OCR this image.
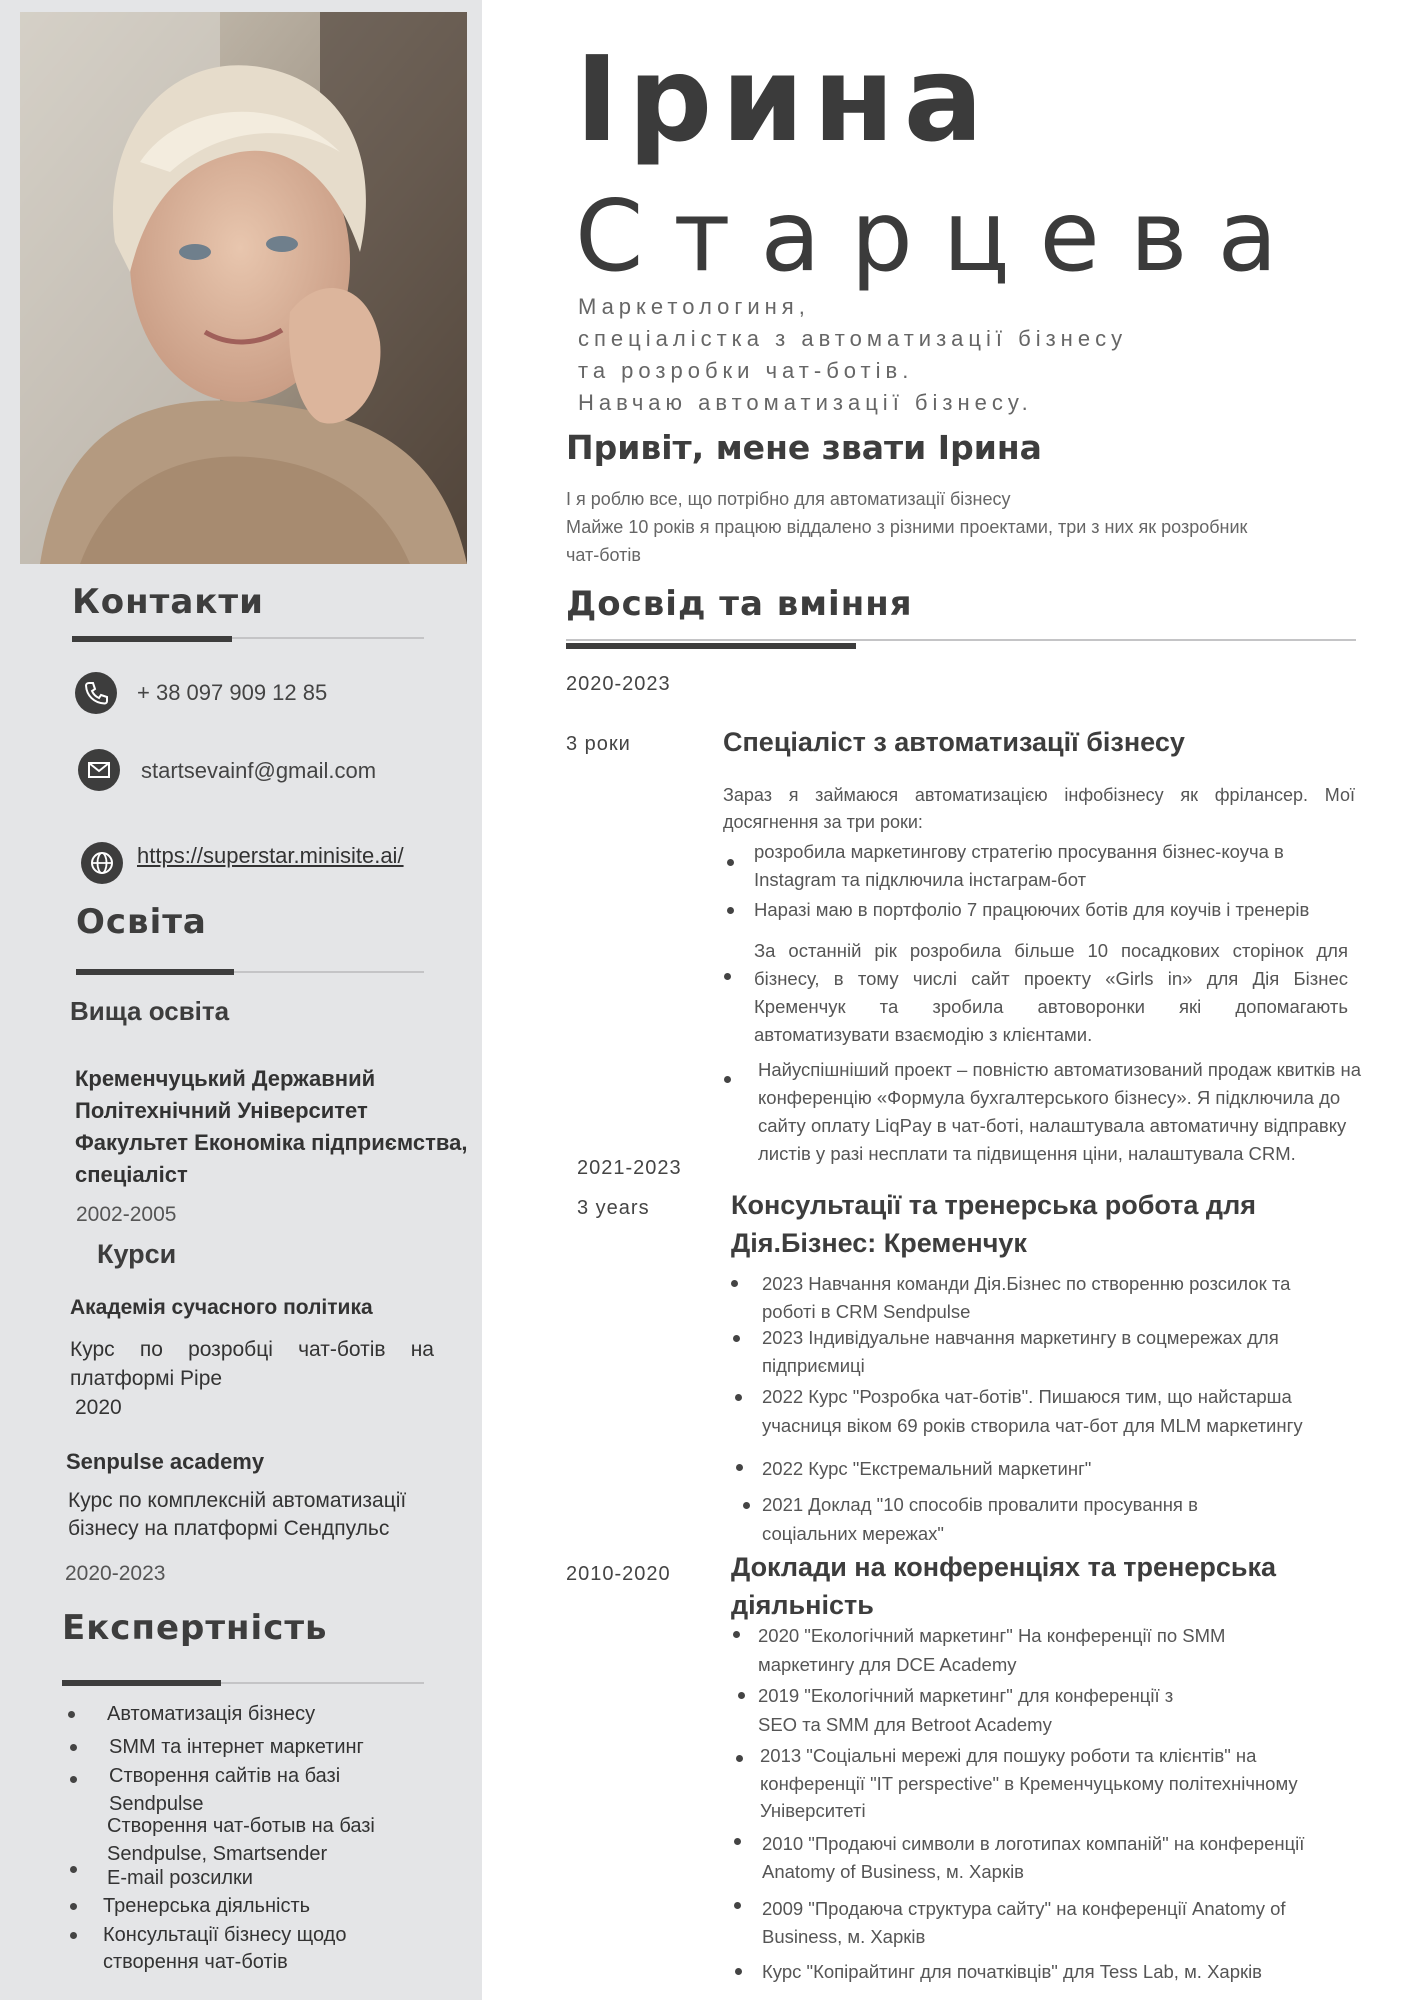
Контакти
+ 38 097 909 12 85
startsevainf@gmail.com
https://superstar.minisite.ai/
Освіта
Вища освіта
Кременчуцький Державний
Політехнічний Університет
Факультет Економіка підприємства,
спеціаліст
2002-2005
Курси
Академія сучасного політика
Курс по розробці чат-ботів на
платформі Pipe
2020
Senpulse academy
Курс по комплексній автоматизації
бізнесу на платформі Сендпульс
2020-2023
Експертність
Автоматизація бізнесу
SMM та інтернет маркетинг
Створення сайтів на базі
Sendpulse
Створення чат-ботыв на базі
Sendpulse, Smartsender
E-mail розсилки
Тренерська діяльність
Консультації бізнесу щодо
створення чат-ботів
Ірина
Старцева
Маркетологиня,
спеціалістка з автоматизації бізнесу
та розробки чат-ботів.
Навчаю автоматизації бізнесу.
Привіт, мене звати Ірина
І я роблю все, що потрібно для автоматизації бізнесу
Майже 10 років я працюю віддалено з різними проектами, три з них як розробник
чат-ботів
Досвід та вміння
2020-2023
3 роки	Спеціаліст з автоматизації бізнесу
Зараз я займаюся автоматизацією інфобізнесу як фрілансер. Мої
досягнення за три роки:
розробила маркетингову стратегію просування бізнес-коуча в
Instagram та підключила інстаграм-бот
Наразі маю в портфоліо 7 працюючих ботів для коучів і тренерів
За останній рік розробила більше 10 посадкових сторінок для
бізнесу, в тому числі сайт проекту «Girls in» для Дія Бізнес
Кременчук та зробила автоворонки які допомагають
автоматизувати взаємодію з клієнтами.
Найуспішніший проект – повністю автоматизований продаж квитків на
конференцію «Формула бухгалтерського бізнесу». Я підключила до
сайту оплату LiqPay в чат-боті, налаштувала автоматичну відправку
листів у разі несплати та підвищення ціни, налаштувала CRM.
2021-2023
3 years	Консультації та тренерська робота для
Дія.Бізнес: Кременчук
2023 Навчання команди Дія.Бізнес по створенню розсилок та
роботі в CRM Sendpulse
2023 Індивідуальне навчання маркетингу в соцмережах для
підприємиці
2022 Курс "Розробка чат-ботів". Пишаюся тим, що найстарша
учасниця віком 69 років створила чат-бот для MLM маркетингу
2022 Курс "Екстремальний маркетинг"
2021 Доклад "10 способів провалити просування в
соціальних мережах"
2010-2020 Доклади на конференціях та тренерська
діяльність
2020 "Екологічний маркетинг" На конференції по SMM
маркетингу для DCE Academy
2019 "Екологічний маркетинг" для конференції з
SEO та SMM для Betroot Academy
2013 "Соціальні мережі для пошуку роботи та клієнтів" на
конференції "IT perspective" в Кременчуцькому політехнічному
Університеті
2010 "Продаючі символи в логотипах компаній" на конференції
Anatomy of Business, м. Харків
2009 "Продаюча структура сайту" на конференції Anatomy of
Business, м. Харків
Курс "Копірайтинг для початківців" для Tess Lab, м. Харків
